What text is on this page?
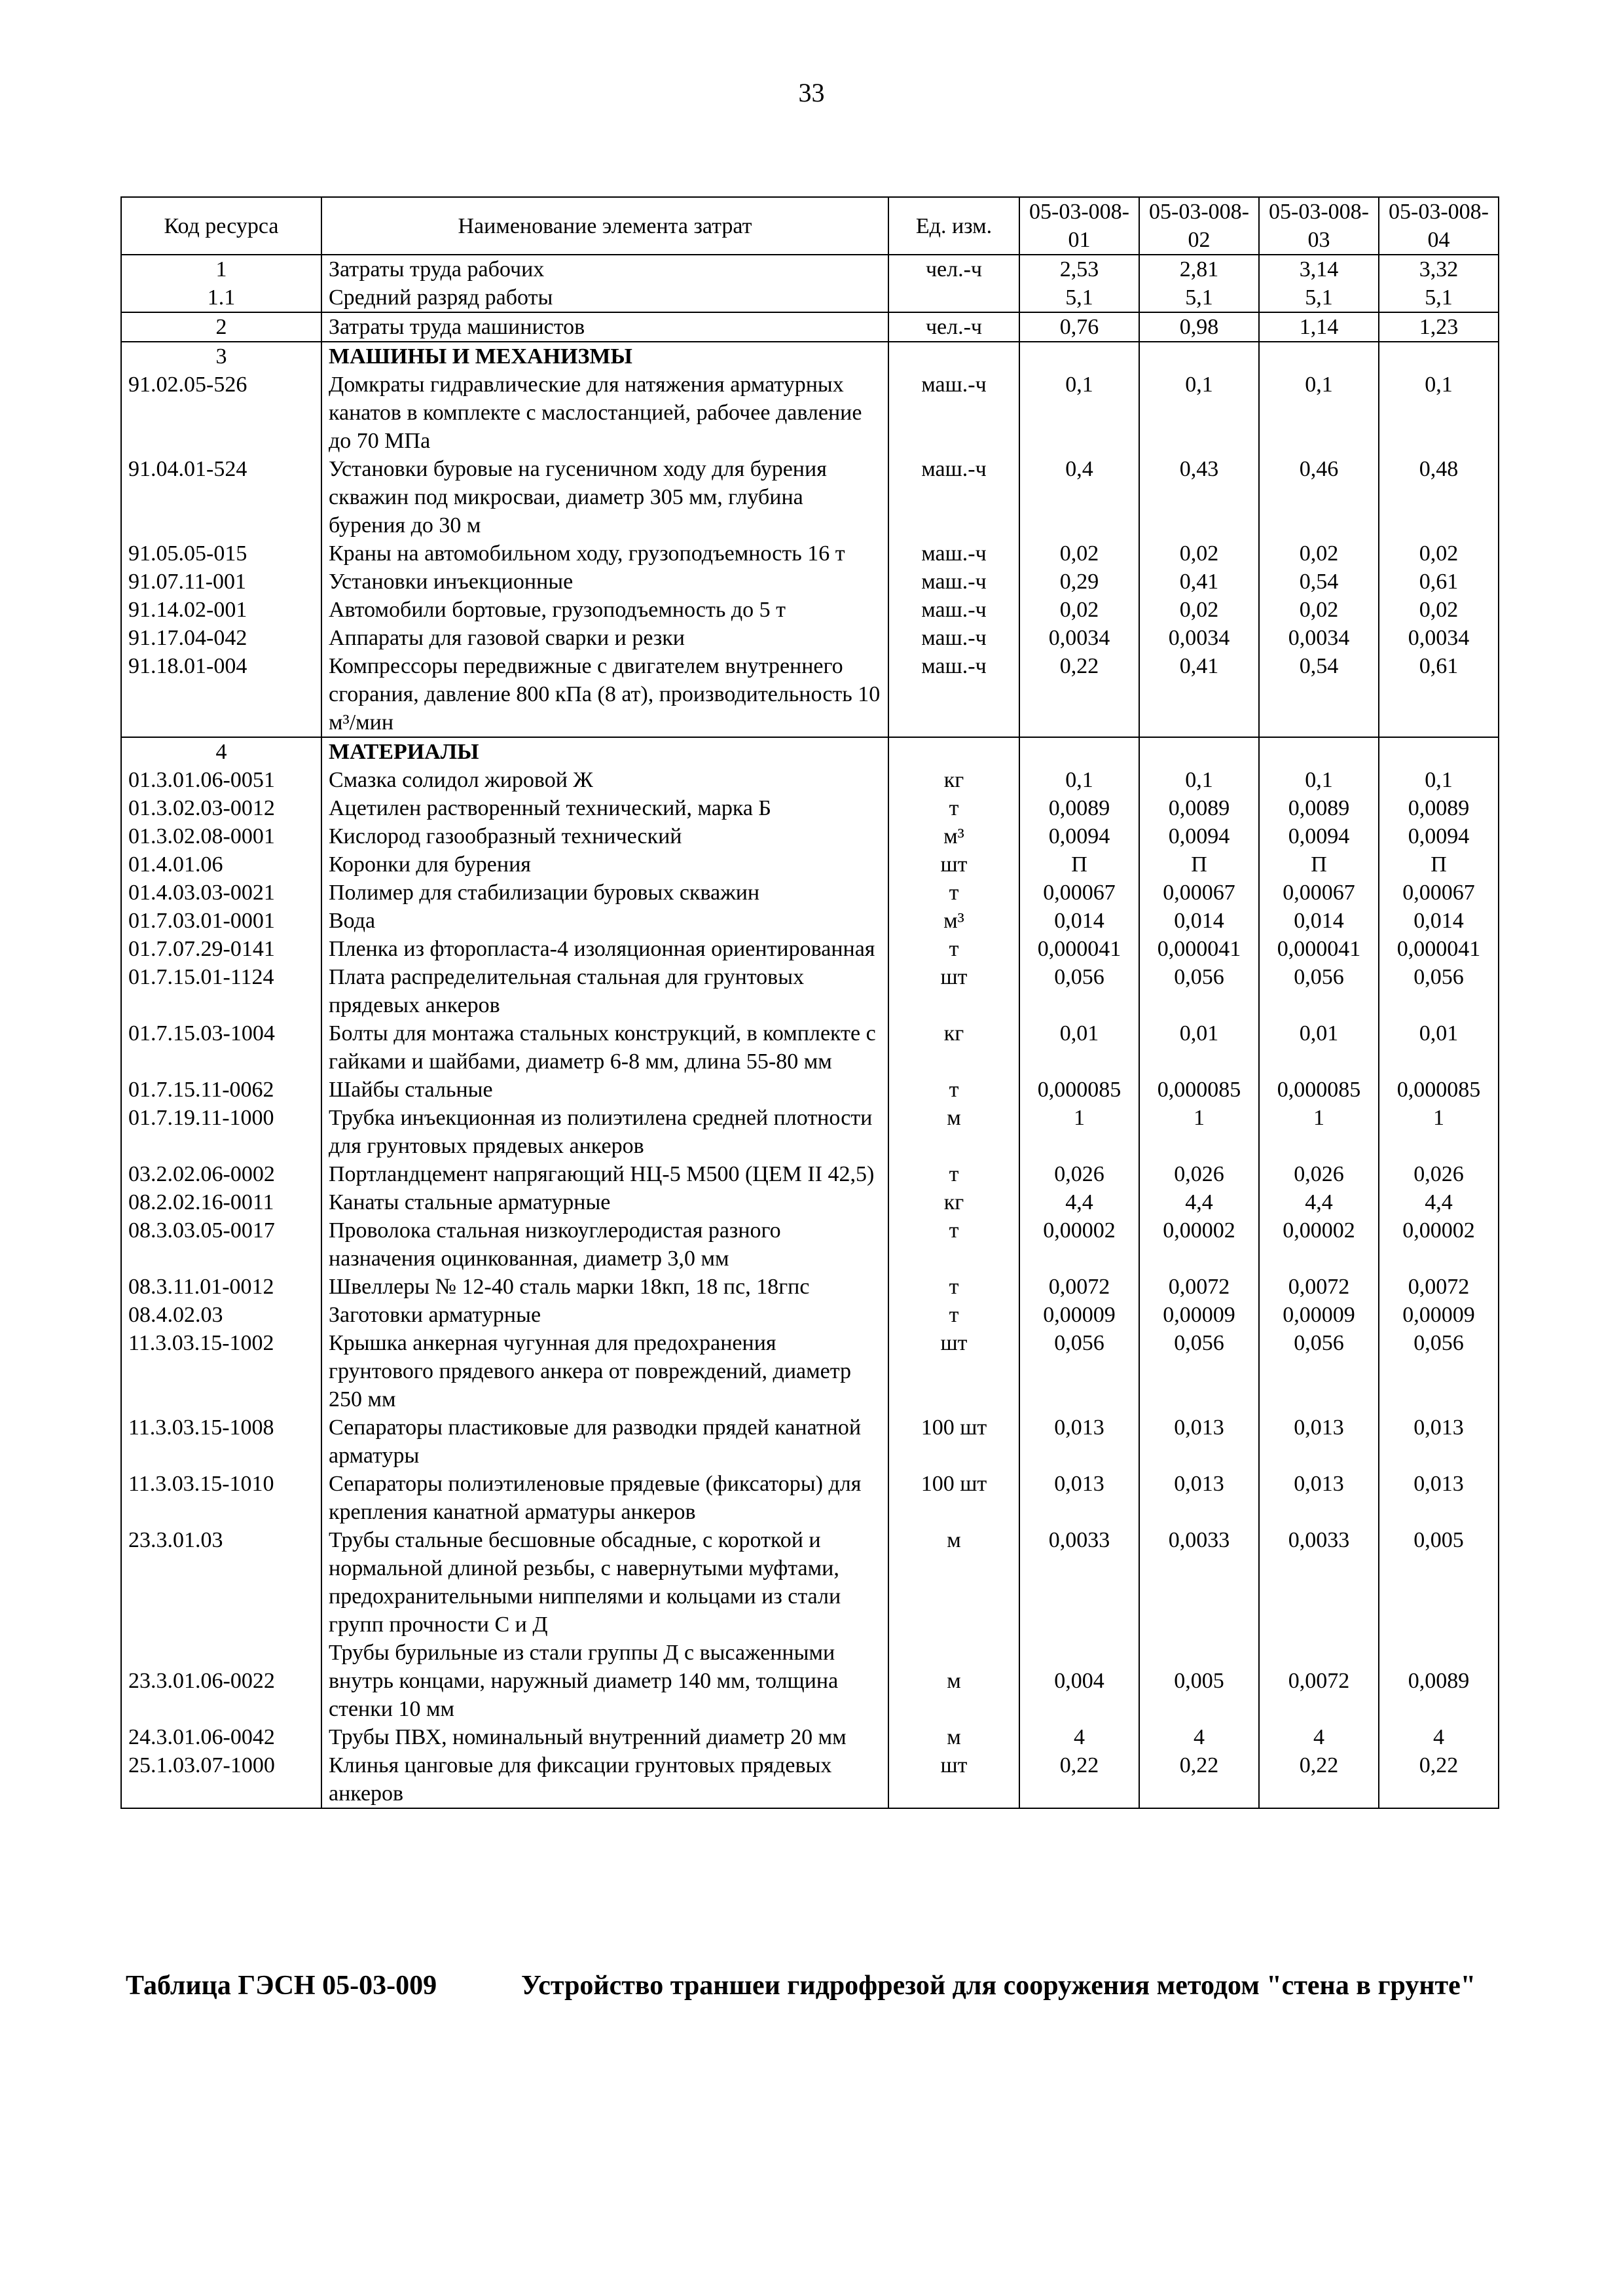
33
Код ресурса	Наименование элемента затрат	Ед. изм.	05-03-008-01	05-03-008-02	05-03-008-03	05-03-008-04
1	Затраты труда рабочих	чел.-ч	2,53	2,81	3,14	3,32
1.1	Средний разряд работы		5,1	5,1	5,1	5,1
2	Затраты труда машинистов	чел.-ч	0,76	0,98	1,14	1,23
3	МАШИНЫ И МЕХАНИЗМЫ					
91.02.05-526	Домкраты гидравлические для натяжения арматурных канатов в комплекте с маслостанцией, рабочее давление до 70 МПа	маш.-ч	0,1	0,1	0,1	0,1
91.04.01-524	Установки буровые на гусеничном ходу для бурения скважин под микросваи, диаметр 305 мм, глубина бурения до 30 м	маш.-ч	0,4	0,43	0,46	0,48
91.05.05-015	Краны на автомобильном ходу, грузоподъемность 16 т	маш.-ч	0,02	0,02	0,02	0,02
91.07.11-001	Установки инъекционные	маш.-ч	0,29	0,41	0,54	0,61
91.14.02-001	Автомобили бортовые, грузоподъемность до 5 т	маш.-ч	0,02	0,02	0,02	0,02
91.17.04-042	Аппараты для газовой сварки и резки	маш.-ч	0,0034	0,0034	0,0034	0,0034
91.18.01-004	Компрессоры передвижные с двигателем внутреннего сгорания, давление 800 кПа (8 ат), производительность 10 м³/мин	маш.-ч	0,22	0,41	0,54	0,61
4	МАТЕРИАЛЫ					
01.3.01.06-0051	Смазка солидол жировой Ж	кг	0,1	0,1	0,1	0,1
01.3.02.03-0012	Ацетилен растворенный технический, марка Б	т	0,0089	0,0089	0,0089	0,0089
01.3.02.08-0001	Кислород газообразный технический	м³	0,0094	0,0094	0,0094	0,0094
01.4.01.06	Коронки для бурения	шт	П	П	П	П
01.4.03.03-0021	Полимер для стабилизации буровых скважин	т	0,00067	0,00067	0,00067	0,00067
01.7.03.01-0001	Вода	м³	0,014	0,014	0,014	0,014
01.7.07.29-0141	Пленка из фторопласта-4 изоляционная ориентированная	т	0,000041	0,000041	0,000041	0,000041
01.7.15.01-1124	Плата распределительная стальная для грунтовых прядевых анкеров	шт	0,056	0,056	0,056	0,056
01.7.15.03-1004	Болты для монтажа стальных конструкций, в комплекте с гайками и шайбами, диаметр 6-8 мм, длина 55-80 мм	кг	0,01	0,01	0,01	0,01
01.7.15.11-0062	Шайбы стальные	т	0,000085	0,000085	0,000085	0,000085
01.7.19.11-1000	Трубка инъекционная из полиэтилена средней плотности для грунтовых прядевых анкеров	м	1	1	1	1
03.2.02.06-0002	Портландцемент напрягающий НЦ-5 М500 (ЦЕМ II 42,5)	т	0,026	0,026	0,026	0,026
08.2.02.16-0011	Канаты стальные арматурные	кг	4,4	4,4	4,4	4,4
08.3.03.05-0017	Проволока стальная низкоуглеродистая разного назначения оцинкованная, диаметр 3,0 мм	т	0,00002	0,00002	0,00002	0,00002
08.3.11.01-0012	Швеллеры № 12-40 сталь марки 18кп, 18 пс, 18гпс	т	0,0072	0,0072	0,0072	0,0072
08.4.02.03	Заготовки арматурные	т	0,00009	0,00009	0,00009	0,00009
11.3.03.15-1002	Крышка анкерная чугунная для предохранения грунтового прядевого анкера от повреждений, диаметр 250 мм	шт	0,056	0,056	0,056	0,056
11.3.03.15-1008	Сепараторы пластиковые для разводки прядей канатной арматуры	100 шт	0,013	0,013	0,013	0,013
11.3.03.15-1010	Сепараторы полиэтиленовые прядевые (фиксаторы) для крепления канатной арматуры анкеров	100 шт	0,013	0,013	0,013	0,013
23.3.01.03	Трубы стальные бесшовные обсадные, с короткой и нормальной длиной резьбы, с навернутыми муфтами, предохранительными ниппелями и кольцами из стали групп прочности С и Д	м	0,0033	0,0033	0,0033	0,005
23.3.01.06-0022	Трубы бурильные из стали группы Д с высаженными внутрь концами, наружный диаметр 140 мм, толщина стенки 10 мм	м	0,004	0,005	0,0072	0,0089
24.3.01.06-0042	Трубы ПВХ, номинальный внутренний диаметр 20 мм	м	4	4	4	4
25.1.03.07-1000	Клинья цанговые для фиксации грунтовых прядевых анкеров	шт	0,22	0,22	0,22	0,22
Таблица ГЭСН 05-03-009	Устройство траншеи гидрофрезой для сооружения методом "стена в грунте"
